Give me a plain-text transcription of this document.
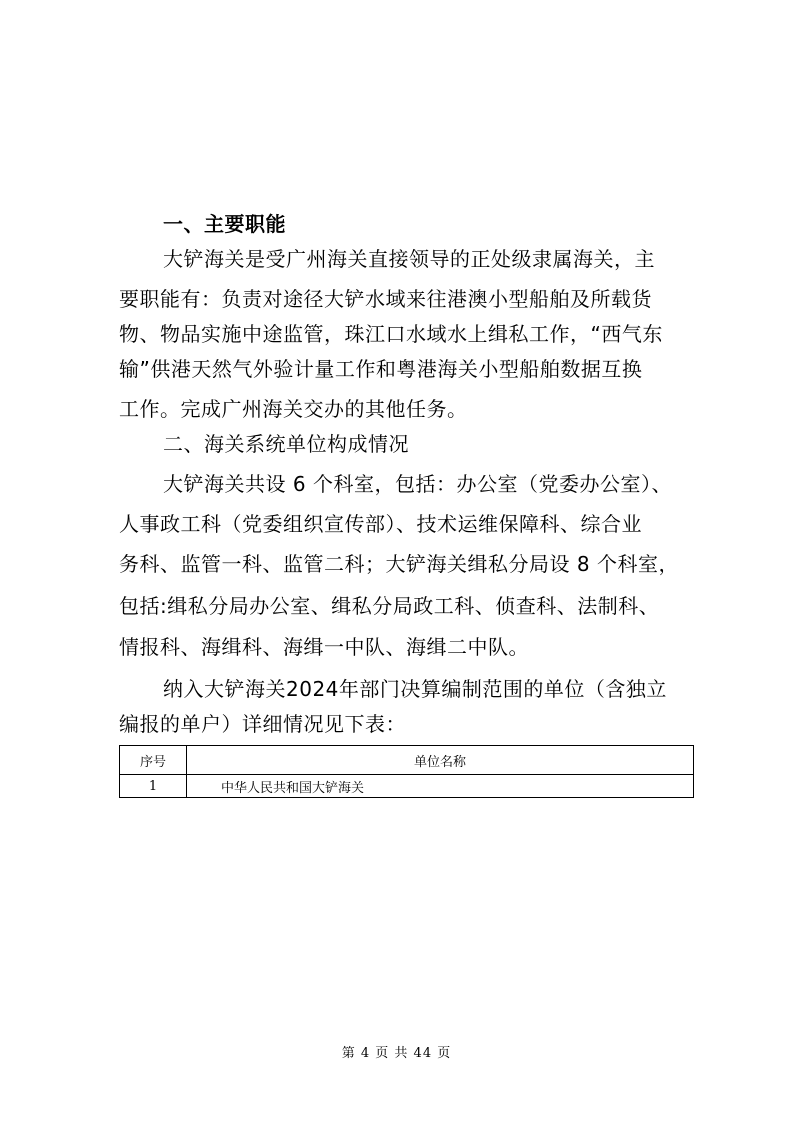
一、主要职能
大铲海关是受广州海关直接领导的正处级隶属海关，主
要职能有：负责对途径大铲水域来往港澳小型船舶及所载货
物、物品实施中途监管，珠江口水域水上缉私工作，“西气东
输”供港天然气外验计量工作和粤港海关小型船舶数据互换
工作。完成广州海关交办的其他任务。
二、海关系统单位构成情况
大铲海关共设 6 个科室，包括：办公室（党委办公室）、
人事政工科（党委组织宣传部）、技术运维保障科、综合业
务科、监管一科、监管二科；大铲海关缉私分局设 8 个科室，
包括:缉私分局办公室、缉私分局政工科、侦查科、法制科、
情报科、海缉科、海缉一中队、海缉二中队。
纳入大铲海关2024年部门决算编制范围的单位（含独立
编报的单户）详细情况见下表：
序号	单位名称
1	中华人民共和国大铲海关
第 4 页 共 44 页
